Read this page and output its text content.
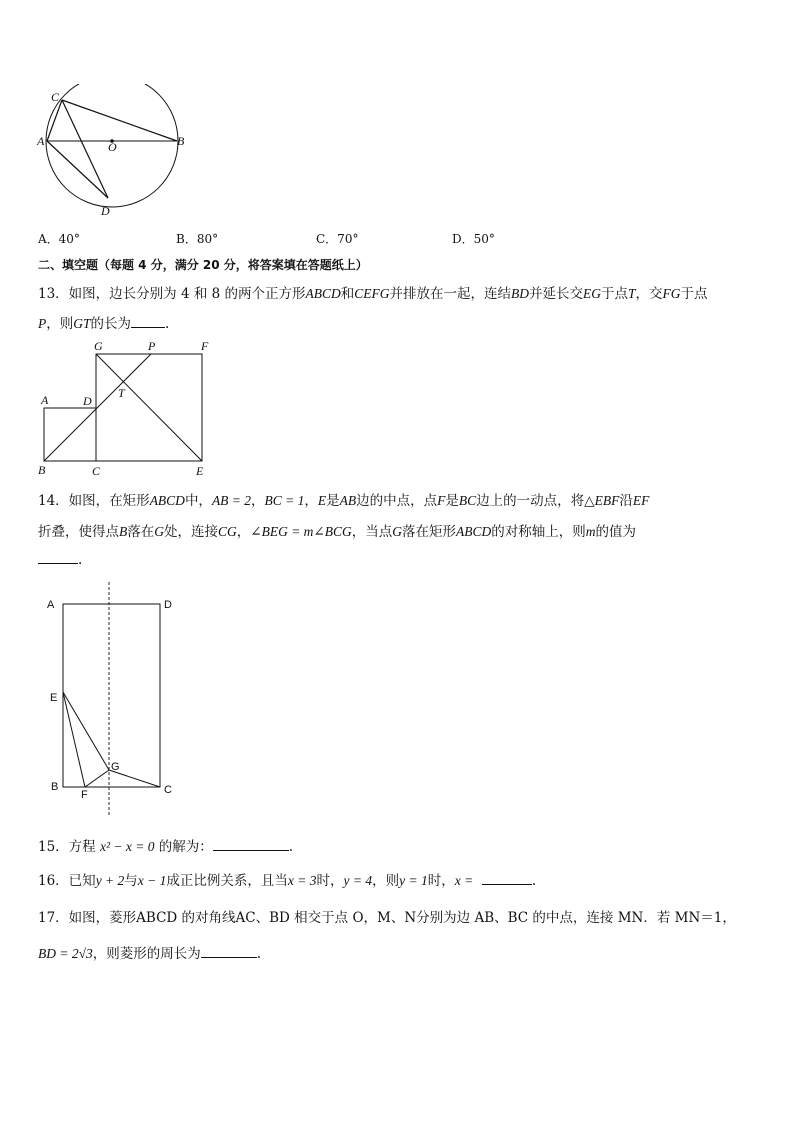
C
A	O	B
D
A．40°	B．80°	C．70°	D．50°
二、填空题（每题 4 分，满分 20 分，将答案填在答题纸上）
13．如图，边长分别为 4 和 8 的两个正方形ABCD和CEFG并排放在一起，连结BD并延长交EG于点T，交FG于点
P，则GT的长为	.
G	P	F
A	D
T
B	C	E
14．如图，在矩形ABCD中，AB = 2，BC = 1，E是AB边的中点，点F是BC边上的一动点，将△EBF沿EF
折叠，使得点B落在G处，连接CG，∠BEG = m∠BCG，当点G落在矩形ABCD的对称轴上，则m的值为
.
A	D
E
G
B
F	C
15．方程 x² − x = 0 的解为：	.
16．已知y + 2与x − 1成正比例关系，且当x = 3时，y = 4，则y = 1时，x =	.
17．如图，菱形ABCD 的对角线AC、BD 相交于点 O，M、N分别为边 AB、BC 的中点，连接 MN．若 MN＝1，
BD = 2√3，则菱形的周长为	.
